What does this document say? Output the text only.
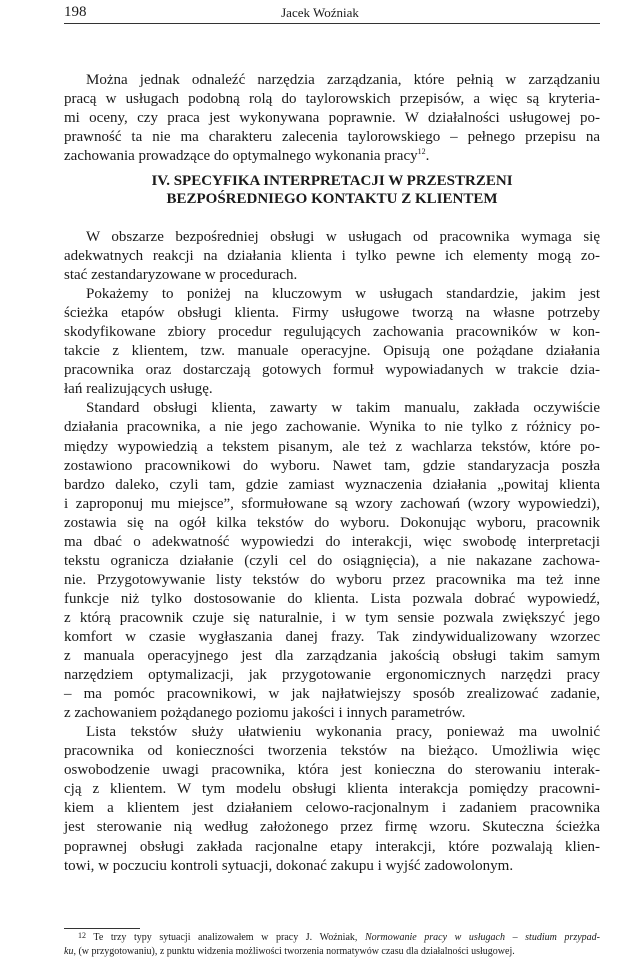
198	Jacek Woźniak
Można jednak odnaleźć narzędzia zarządzania, które pełnią w zarządzaniu
pracą w usługach podobną rolą do taylorowskich przepisów, a więc są kryteria-
mi oceny, czy praca jest wykonywana poprawnie. W działalności usługowej po-
prawność ta nie ma charakteru zalecenia taylorowskiego – pełnego przepisu na
zachowania prowadzące do optymalnego wykonania pracy$^{12}$.
IV. SPECYFIKA INTERPRETACJI W PRZESTRZENI
BEZPOŚREDNIEGO KONTAKTU Z KLIENTEM
W obszarze bezpośredniej obsługi w usługach od pracownika wymaga się
adekwatnych reakcji na działania klienta i tylko pewne ich elementy mogą zo-
stać zestandaryzowane w procedurach.
Pokażemy to poniżej na kluczowym w usługach standardzie, jakim jest
ścieżka etapów obsługi klienta. Firmy usługowe tworzą na własne potrzeby
skodyfikowane zbiory procedur regulujących zachowania pracowników w kon-
takcie z klientem, tzw. manuale operacyjne. Opisują one pożądane działania
pracownika oraz dostarczają gotowych formuł wypowiadanych w trakcie dzia-
łań realizujących usługę.
Standard obsługi klienta, zawarty w takim manualu, zakłada oczywiście
działania pracownika, a nie jego zachowanie. Wynika to nie tylko z różnicy po-
między wypowiedzią a tekstem pisanym, ale też z wachlarza tekstów, które po-
zostawiono pracownikowi do wyboru. Nawet tam, gdzie standaryzacja poszła
bardzo daleko, czyli tam, gdzie zamiast wyznaczenia działania „powitaj klienta
i zaproponuj mu miejsce”, sformułowane są wzory zachowań (wzory wypowiedzi),
zostawia się na ogół kilka tekstów do wyboru. Dokonując wyboru, pracownik
ma dbać o adekwatność wypowiedzi do interakcji, więc swobodę interpretacji
tekstu ogranicza działanie (czyli cel do osiągnięcia), a nie nakazane zachowa-
nie. Przygotowywanie listy tekstów do wyboru przez pracownika ma też inne
funkcje niż tylko dostosowanie do klienta. Lista pozwala dobrać wypowiedź,
z którą pracownik czuje się naturalnie, i w tym sensie pozwala zwiększyć jego
komfort w czasie wygłaszania danej frazy. Tak zindywidualizowany wzorzec
z manuala operacyjnego jest dla zarządzania jakością obsługi takim samym
narzędziem optymalizacji, jak przygotowanie ergonomicznych narzędzi pracy
– ma pomóc pracownikowi, w jak najłatwiejszy sposób zrealizować zadanie,
z zachowaniem pożądanego poziomu jakości i innych parametrów.
Lista tekstów służy ułatwieniu wykonania pracy, ponieważ ma uwolnić
pracownika od konieczności tworzenia tekstów na bieżąco. Umożliwia więc
oswobodzenie uwagi pracownika, która jest konieczna do sterowaniu interak-
cją z klientem. W tym modelu obsługi klienta interakcja pomiędzy pracowni-
kiem a klientem jest działaniem celowo-racjonalnym i zadaniem pracownika
jest sterowanie nią według założonego przez firmę wzoru. Skuteczna ścieżka
poprawnej obsługi zakłada racjonalne etapy interakcji, które pozwalają klien-
towi, w poczuciu kontroli sytuacji, dokonać zakupu i wyjść zadowolonym.
$^{12}$ Te trzy typy sytuacji analizowałem w pracy J. Woźniak, Normowanie pracy w usługach – studium przypad-
ku, (w przygotowaniu), z punktu widzenia możliwości tworzenia normatywów czasu dla działalności usługowej.
